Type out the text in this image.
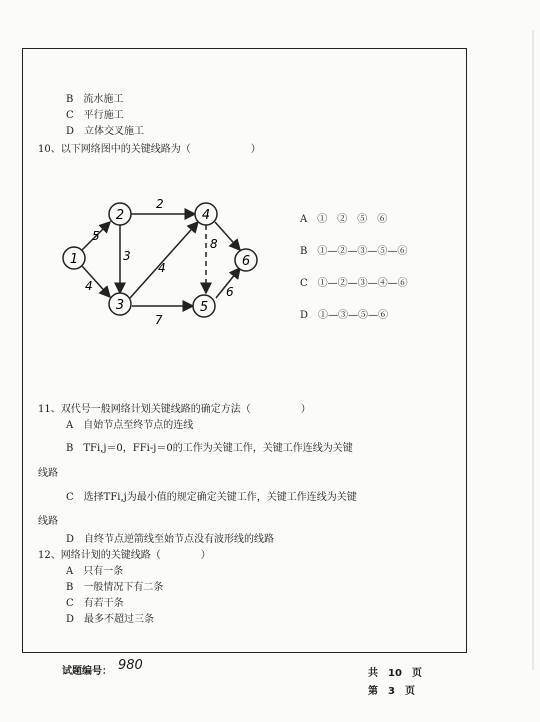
B　 流水施工
C　 平行施工
D　 立体交叉施工
10、以下网络图中的关键线路为（　　　　　　）
1
2
3
4
5
6
5
2
3
4
8
4
7
6
A　 ①　②　⑤　⑥
B　 ①—②—③—⑤—⑥
C　 ①—②—③—④—⑥
D　 ①—③—⑤—⑥
11、双代号一般网络计划关键线路的确定方法（　　　　　）
A　自始节点至终节点的连线
B　TFi,j＝0，FFi-j＝0的工作为关键工作，关键工作连线为关键
线路
C　选择TFi,j为最小值的规定确定关键工作，关键工作连线为关键
线路
D　自终节点逆箭线至始节点没有波形线的线路
12、网络计划的关键线路（　　　　）
A　只有一条
B　一般情况下有二条
C　有若干条
D　最多不超过三条
试题编号： 980
共　10　页
第　3　页
